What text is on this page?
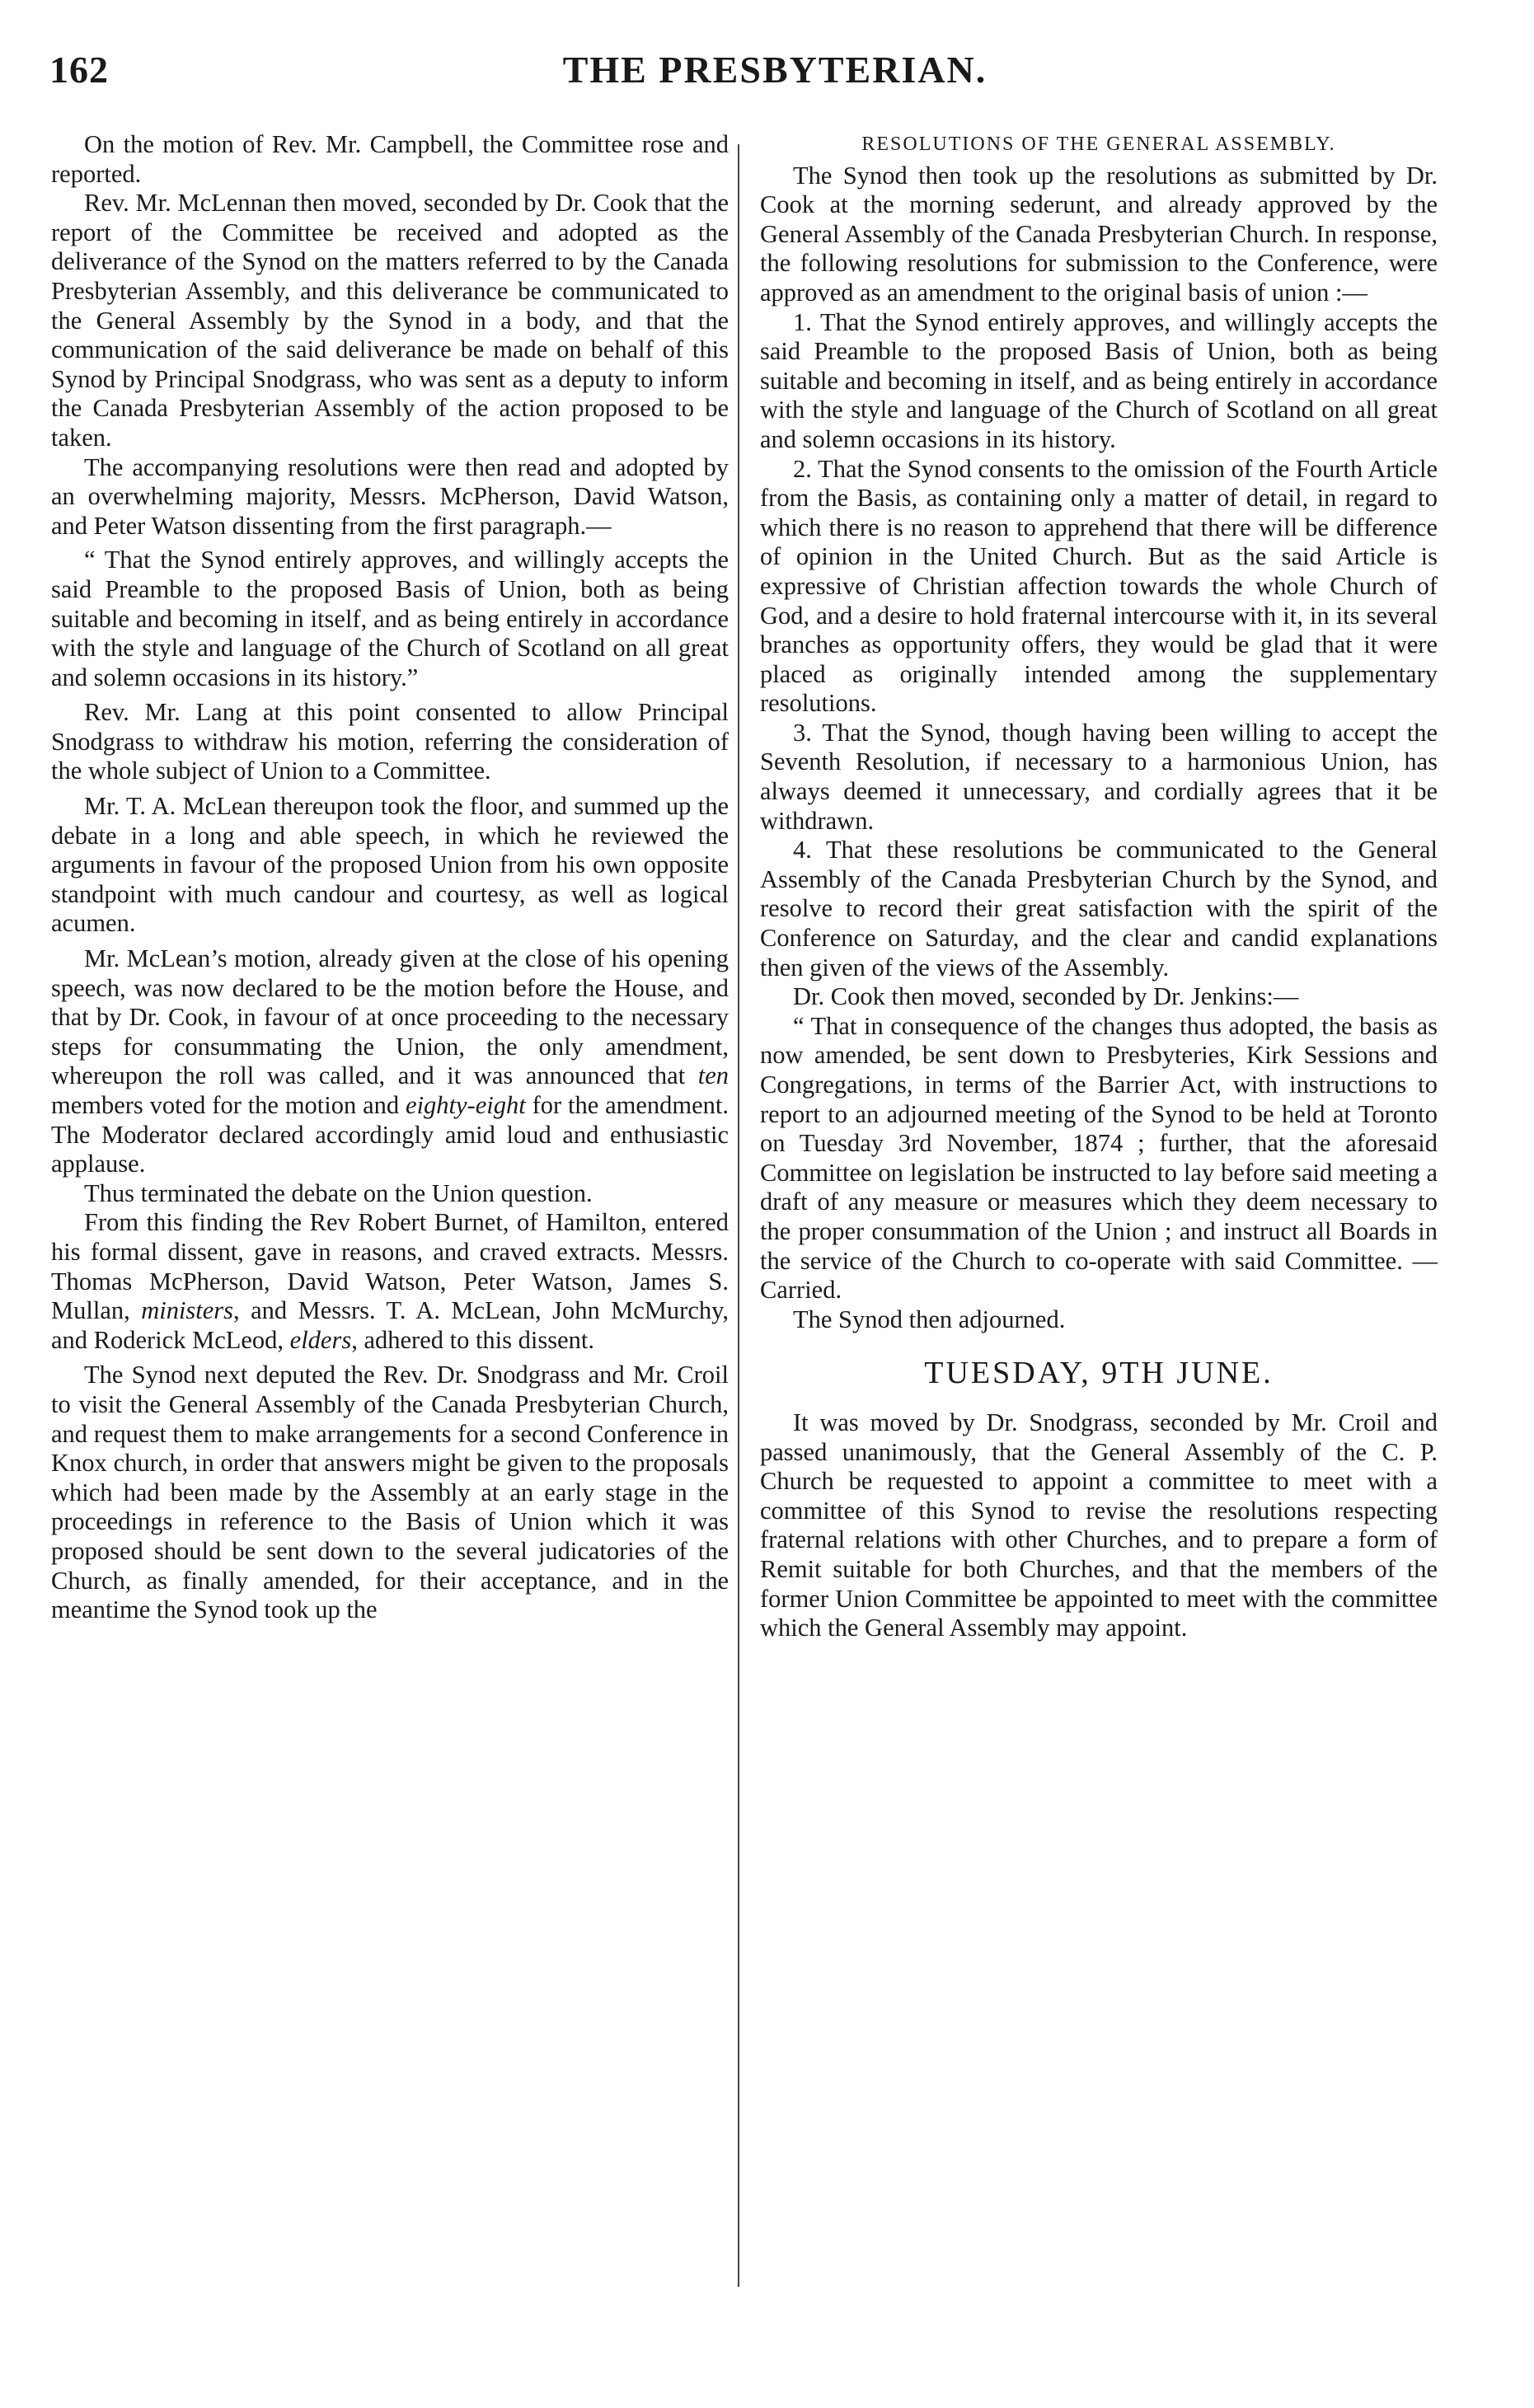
162	THE PRESBYTERIAN.

On the motion of Rev. Mr. Campbell, the Committee rose and reported.

Rev. Mr. McLennan then moved, seconded by Dr. Cook that the report of the Committee be received and adopted as the deliverance of the Synod on the matters referred to by the Canada Presbyterian Assembly, and this deliverance be communicated to the General Assembly by the Synod in a body, and that the communication of the said deliverance be made on behalf of this Synod by Principal Snodgrass, who was sent as a deputy to inform the Canada Presbyterian Assembly of the action proposed to be taken.

The accompanying resolutions were then read and adopted by an overwhelming majority, Messrs. McPherson, David Watson, and Peter Watson dissenting from the first paragraph.—

“ That the Synod entirely approves, and willingly accepts the said Preamble to the proposed Basis of Union, both as being suitable and becoming in itself, and as being entirely in accordance with the style and language of the Church of Scotland on all great and solemn occasions in its history.”

Rev. Mr. Lang at this point consented to allow Principal Snodgrass to withdraw his motion, referring the consideration of the whole subject of Union to a Committee.

Mr. T. A. McLean thereupon took the floor, and summed up the debate in a long and able speech, in which he reviewed the arguments in favour of the proposed Union from his own opposite standpoint with much candour and courtesy, as well as logical acumen.

Mr. McLean’s motion, already given at the close of his opening speech, was now declared to be the motion before the House, and that by Dr. Cook, in favour of at once proceeding to the necessary steps for consummating the Union, the only amendment, whereupon the roll was called, and it was announced that ten members voted for the motion and eighty-eight for the amendment. The Moderator declared accordingly amid loud and enthusiastic applause.

Thus terminated the debate on the Union question.

From this finding the Rev Robert Burnet, of Hamilton, entered his formal dissent, gave in reasons, and craved extracts. Messrs. Thomas McPherson, David Watson, Peter Watson, James S. Mullan, ministers, and Messrs. T. A. McLean, John McMurchy, and Roderick McLeod, elders, adhered to this dissent.

The Synod next deputed the Rev. Dr. Snodgrass and Mr. Croil to visit the General Assembly of the Canada Presbyterian Church, and request them to make arrangements for a second Conference in Knox church, in order that answers might be given to the proposals which had been made by the Assembly at an early stage in the proceedings in reference to the Basis of Union which it was proposed should be sent down to the several judicatories of the Church, as finally amended, for their acceptance, and in the meantime the Synod took up the

RESOLUTIONS OF THE GENERAL ASSEMBLY.

The Synod then took up the resolutions as submitted by Dr. Cook at the morning sederunt, and already approved by the General Assembly of the Canada Presbyterian Church. In response, the following resolutions for submission to the Conference, were approved as an amendment to the original basis of union :—

1. That the Synod entirely approves, and willingly accepts the said Preamble to the proposed Basis of Union, both as being suitable and becoming in itself, and as being entirely in accordance with the style and language of the Church of Scotland on all great and solemn occasions in its history.

2. That the Synod consents to the omission of the Fourth Article from the Basis, as containing only a matter of detail, in regard to which there is no reason to apprehend that there will be difference of opinion in the United Church. But as the said Article is expressive of Christian affection towards the whole Church of God, and a desire to hold fraternal intercourse with it, in its several branches as opportunity offers, they would be glad that it were placed as originally intended among the supplementary resolutions.

3. That the Synod, though having been willing to accept the Seventh Resolution, if necessary to a harmonious Union, has always deemed it unnecessary, and cordially agrees that it be withdrawn.

4. That these resolutions be communicated to the General Assembly of the Canada Presbyterian Church by the Synod, and resolve to record their great satisfaction with the spirit of the Conference on Saturday, and the clear and candid explanations then given of the views of the Assembly.

Dr. Cook then moved, seconded by Dr. Jenkins:—

“ That in consequence of the changes thus adopted, the basis as now amended, be sent down to Presbyteries, Kirk Sessions and Congregations, in terms of the Barrier Act, with instructions to report to an adjourned meeting of the Synod to be held at Toronto on Tuesday 3rd November, 1874 ; further, that the aforesaid Committee on legislation be instructed to lay before said meeting a draft of any measure or measures which they deem necessary to the proper consummation of the Union ; and instruct all Boards in the service of the Church to co-operate with said Committee. — Carried.

The Synod then adjourned.

TUESDAY, 9TH JUNE.

It was moved by Dr. Snodgrass, seconded by Mr. Croil and passed unanimously, that the General Assembly of the C. P. Church be requested to appoint a committee to meet with a committee of this Synod to revise the resolutions respecting fraternal relations with other Churches, and to prepare a form of Remit suitable for both Churches, and that the members of the former Union Committee be appointed to meet with the committee which the General Assembly may appoint.
